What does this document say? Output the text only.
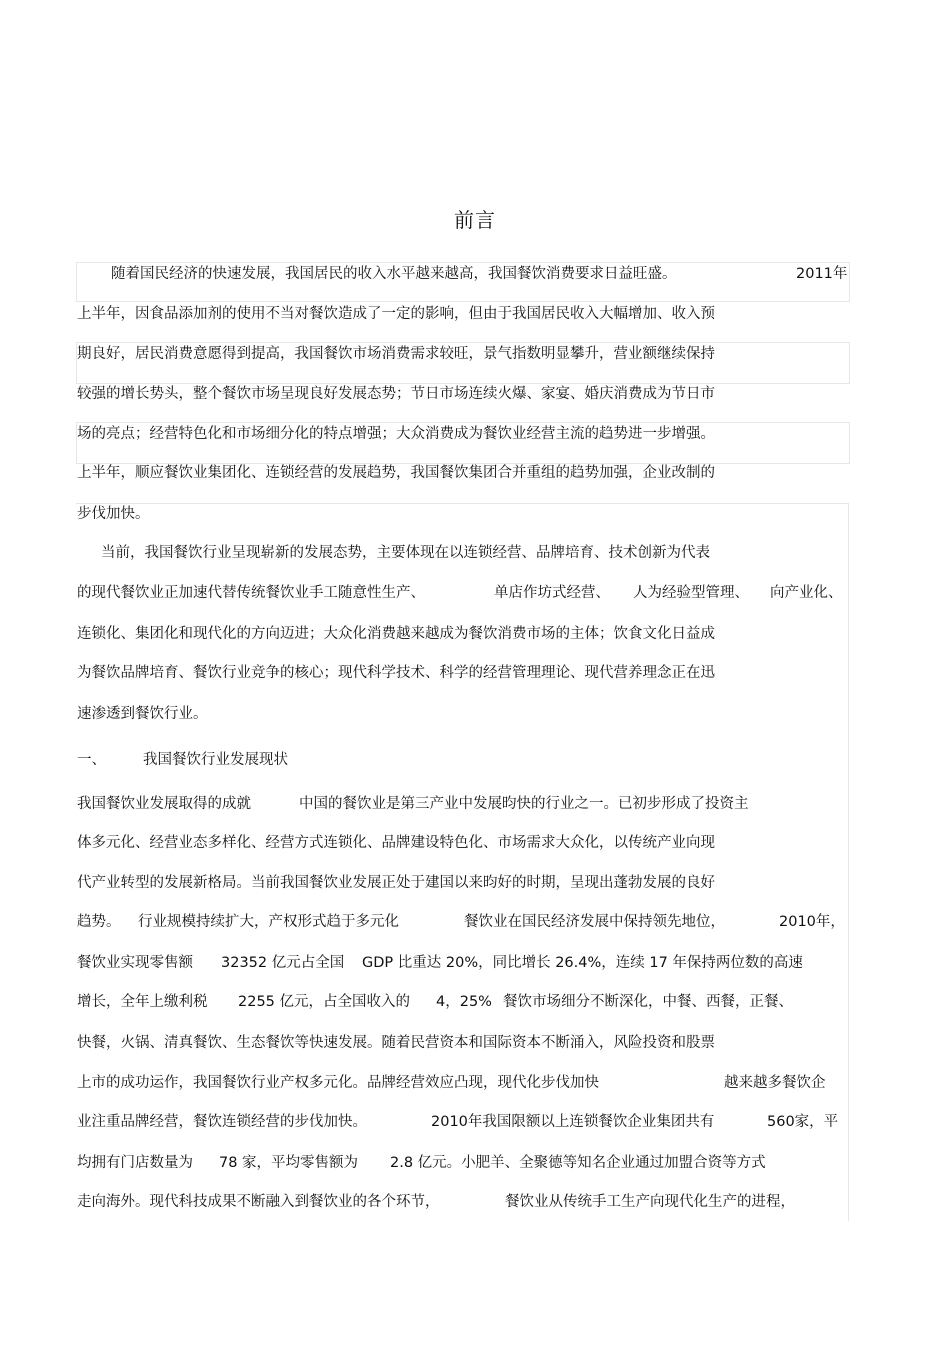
前言
随着国民经济的快速发展，我国居民的收入水平越来越高，我国餐饮消费要求日益旺盛。	2011年
上半年，因食品添加剂的使用不当对餐饮造成了一定的影响，但由于我国居民收入大幅增加、收入预
期良好，居民消费意愿得到提高，我国餐饮市场消费需求较旺，景气指数明显攀升，营业额继续保持
较强的增长势头，整个餐饮市场呈现良好发展态势；节日市场连续火爆、家宴、婚庆消费成为节日市
场的亮点；经营特色化和市场细分化的特点增强；大众消费成为餐饮业经营主流的趋势进一步增强。
上半年，顺应餐饮业集团化、连锁经营的发展趋势，我国餐饮集团合并重组的趋势加强，企业改制的
步伐加快。
当前，我国餐饮行业呈现崭新的发展态势，主要体现在以连锁经营、品牌培育、技术创新为代表
的现代餐饮业正加速代替传统餐饮业手工随意性生产、	单店作坊式经营、 人为经验型管理、 向产业化、
连锁化、集团化和现代化的方向迈进；大众化消费越来越成为餐饮消费市场的主体；饮食文化日益成
为餐饮品牌培育、餐饮行业竞争的核心；现代科学技术、科学的经营管理理论、现代营养理念正在迅
速渗透到餐饮行业。
一、	我国餐饮行业发展现状
我国餐饮业发展取得的成就	中国的餐饮业是第三产业中发展昀快的行业之一。已初步形成了投资主
体多元化、经营业态多样化、经营方式连锁化、品牌建设特色化、市场需求大众化，以传统产业向现
代产业转型的发展新格局。当前我国餐饮业发展正处于建国以来昀好的时期，呈现出蓬勃发展的良好
趋势。 行业规模持续扩大，产权形式趋于多元化	餐饮业在国民经济发展中保持领先地位，	2010年，
餐饮业实现零售额 32352 亿元占全国 GDP 比重达 20%，同比增长 26.4%，连续 17 年保持两位数的高速
增长，全年上缴利税 2255 亿元，占全国收入的 4，25% 餐饮市场细分不断深化，中餐、西餐，正餐、
快餐，火锅、清真餐饮、生态餐饮等快速发展。随着民营资本和国际资本不断涌入，风险投资和股票
上市的成功运作，我国餐饮行业产权多元化。品牌经营效应凸现，现代化步伐加快	越来越多餐饮企
业注重品牌经营，餐饮连锁经营的步伐加快。	2010年我国限额以上连锁餐饮企业集团共有	560家，平
均拥有门店数量为 78 家，平均零售额为 2.8 亿元。小肥羊、全聚德等知名企业通过加盟合资等方式
走向海外。现代科技成果不断融入到餐饮业的各个环节，	餐饮业从传统手工生产向现代化生产的进程，
